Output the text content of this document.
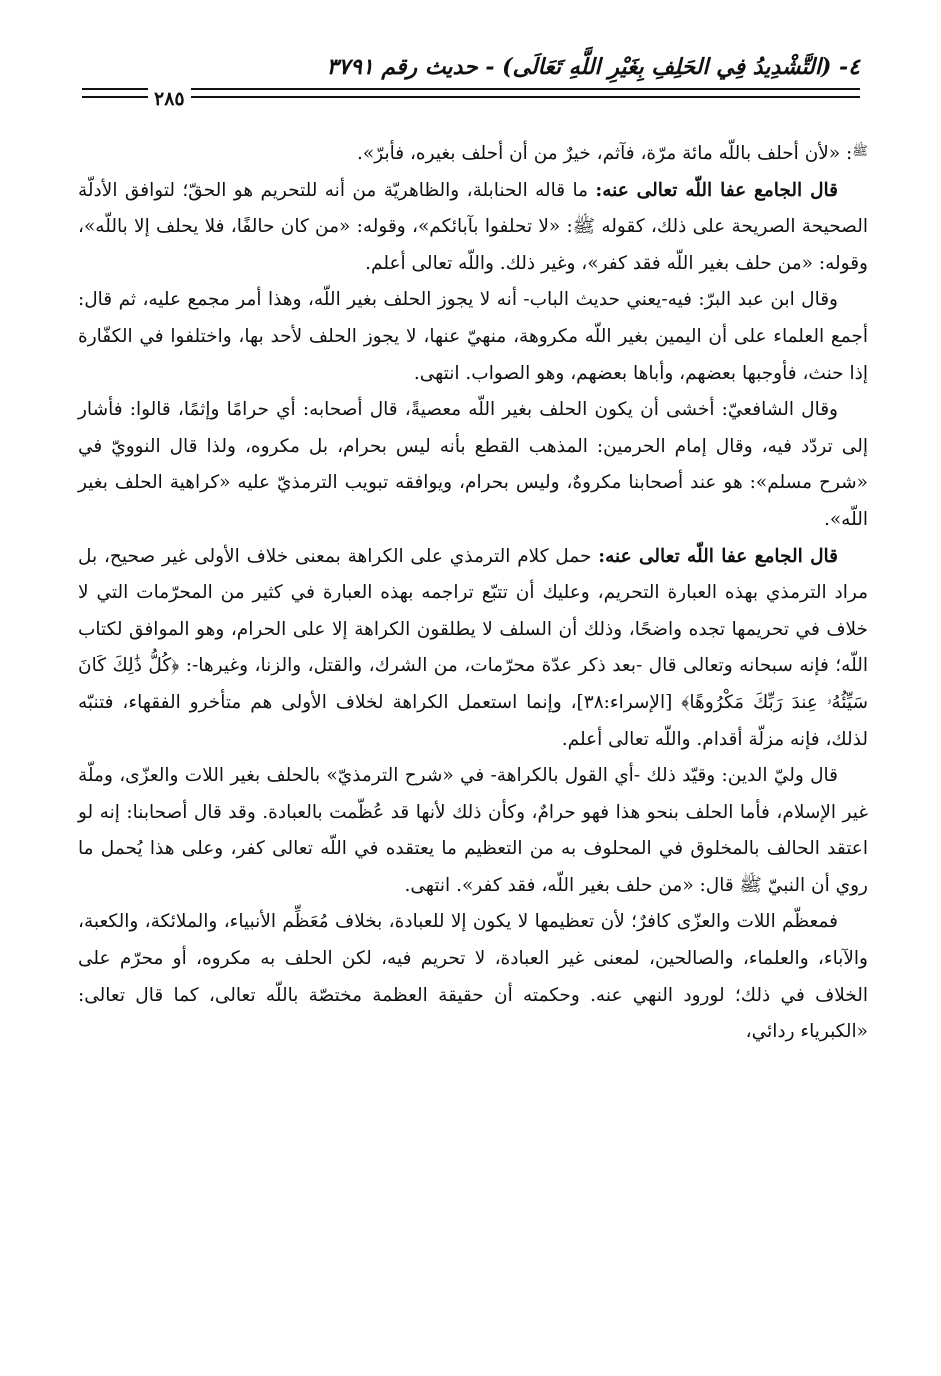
٤- (التَّشْدِيدُ فِي الحَلِفِ بِغَيْرِ اللَّهِ تَعَالَى) - حديث رقم ٣٧٩١
٢٨٥

$^ﷺ$: «لأن أحلف باللّه مائة مرّة، فآثم، خيرٌ من أن أحلف بغيره، فأبرّ».

قال الجامع عفا اللّه تعالى عنه: ما قاله الحنابلة، والظاهريّة من أنه للتحريم هو الحقّ؛ لتوافق الأدلّة الصحيحة الصريحة على ذلك، كقوله ﷺ: «لا تحلفوا بآبائكم»، وقوله: «من كان حالفًا، فلا يحلف إلا باللّه»، وقوله: «من حلف بغير اللّه فقد كفر»، وغير ذلك. واللّه تعالى أعلم.

وقال ابن عبد البرّ: فيه-يعني حديث الباب- أنه لا يجوز الحلف بغير اللّه، وهذا أمر مجمع عليه، ثم قال: أجمع العلماء على أن اليمين بغير اللّه مكروهة، منهيّ عنها، لا يجوز الحلف لأحد بها، واختلفوا في الكفّارة إذا حنث، فأوجبها بعضهم، وأباها بعضهم، وهو الصواب. انتهى.

وقال الشافعيّ: أخشى أن يكون الحلف بغير اللّه معصيةً، قال أصحابه: أي حرامًا وإثمًا، قالوا: فأشار إلى تردّد فيه، وقال إمام الحرمين: المذهب القطع بأنه ليس بحرام، بل مكروه، ولذا قال النوويّ في «شرح مسلم»: هو عند أصحابنا مكروهٌ، وليس بحرام، ويوافقه تبويب الترمذيّ عليه «كراهية الحلف بغير اللّه».

قال الجامع عفا اللّه تعالى عنه: حمل كلام الترمذي على الكراهة بمعنى خلاف الأولى غير صحيح، بل مراد الترمذي بهذه العبارة التحريم، وعليك أن تتبّع تراجمه بهذه العبارة في كثير من المحرّمات التي لا خلاف في تحريمها تجده واضحًا، وذلك أن السلف لا يطلقون الكراهة إلا على الحرام، وهو الموافق لكتاب اللّه؛ فإنه سبحانه وتعالى قال -بعد ذكر عدّة محرّمات، من الشرك، والقتل، والزنا، وغيرها-: ﴿كُلُّ ذَٰلِكَ كَانَ سَيِّئُهُۥ عِندَ رَبِّكَ مَكْرُوهًا﴾ [الإسراء:٣٨]، وإنما استعمل الكراهة لخلاف الأولى هم متأخرو الفقهاء، فتنبّه لذلك، فإنه مزلّة أقدام. واللّه تعالى أعلم.

قال وليّ الدين: وقيّد ذلك -أي القول بالكراهة- في «شرح الترمذيّ» بالحلف بغير اللات والعزّى، وملّة غير الإسلام، فأما الحلف بنحو هذا فهو حرامٌ، وكأن ذلك لأنها قد عُظّمت بالعبادة. وقد قال أصحابنا: إنه لو اعتقد الحالف بالمخلوق في المحلوف به من التعظيم ما يعتقده في اللّه تعالى كفر، وعلى هذا يُحمل ما روي أن النبيّ ﷺ قال: «من حلف بغير اللّه، فقد كفر». انتهى.

فمعظّم اللات والعزّى كافرٌ؛ لأن تعظيمها لا يكون إلا للعبادة، بخلاف مُعَظِّم الأنبياء، والملائكة، والكعبة، والآباء، والعلماء، والصالحين، لمعنى غير العبادة، لا تحريم فيه، لكن الحلف به مكروه، أو محرّم على الخلاف في ذلك؛ لورود النهي عنه. وحكمته أن حقيقة العظمة مختصّة باللّه تعالى، كما قال تعالى: «الكبرياء ردائي،
